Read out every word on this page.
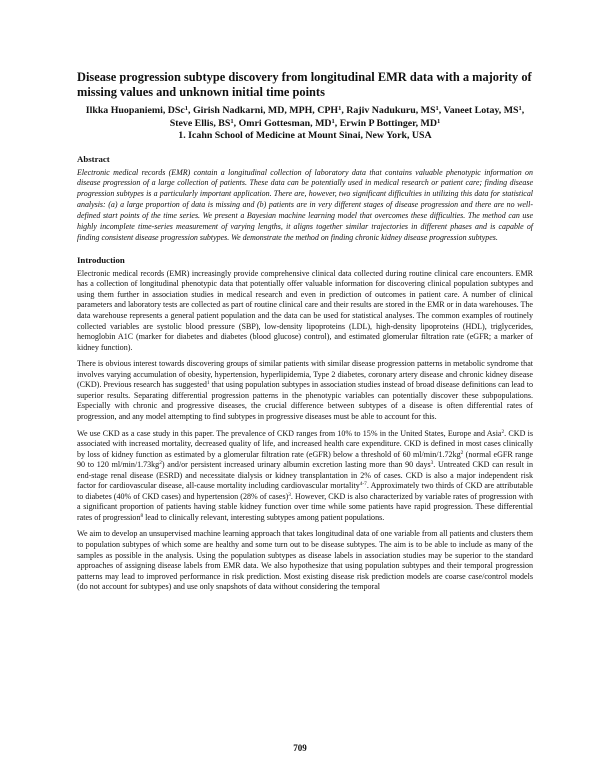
Disease progression subtype discovery from longitudinal EMR data with a majority of missing values and unknown initial time points
Ilkka Huopaniemi, DSc$^1$, Girish Nadkarni, MD, MPH, CPH$^1$, Rajiv Nadukuru, $MS^1$, Vaneet Lotay, $MS^1$, Steve Ellis, $BS^1$, Omri Gottesman, $MD^1$, Erwin P Bottinger, $MD^1$
1. Icahn School of Medicine at Mount Sinai, New York, USA
Abstract

Electronic medical records (EMR) contain a longitudinal collection of laboratory data that contains valuable phenotypic information on disease progression of a large collection of patients. These data can be potentially used in medical research or patient care; finding disease progression subtypes is a particularly important application. There are, however, two significant difficulties in utilizing this data for statistical analysis: (a) a large proportion of data is missing and (b) patients are in very different stages of disease progression and there are no well-defined start points of the time series. We present a Bayesian machine learning model that overcomes these difficulties. The method can use highly incomplete time-series measurement of varying lengths, it aligns together similar trajectories in different phases and is capable of finding consistent disease progression subtypes. We demonstrate the method on finding chronic kidney disease progression subtypes.

Introduction

Electronic medical records (EMR) increasingly provide comprehensive clinical data collected during routine clinical care encounters. EMR has a collection of longitudinal phenotypic data that potentially offer valuable information for discovering clinical population subtypes and using them further in association studies in medical research and even in prediction of outcomes in patient care. A number of clinical parameters and laboratory tests are collected as part of routine clinical care and their results are stored in the EMR or in data warehouses. The data warehouse represents a general patient population and the data can be used for statistical analyses. The common examples of routinely collected variables are systolic blood pressure (SBP), low-density lipoproteins (LDL), high-density lipoproteins (HDL), triglycerides, hemoglobin A1C (marker for diabetes and diabetes (blood glucose) control), and estimated glomerular filtration rate (eGFR; a marker of kidney function).

There is obvious interest towards discovering groups of similar patients with similar disease progression patterns in metabolic syndrome that involves varying accumulation of obesity, hypertension, hyperlipidemia, Type 2 diabetes, coronary artery disease and chronic kidney disease (CKD). Previous research has suggested$^1$ that using population subtypes in association studies instead of broad disease definitions can lead to superior results. Separating differential progression patterns in the phenotypic variables can potentially discover these subpopulations. Especially with chronic and progressive diseases, the crucial difference between subtypes of a disease is often differential rates of progression, and any model attempting to find subtypes in progressive diseases must be able to account for this.

We use CKD as a case study in this paper. The prevalence of CKD ranges from 10% to 15% in the United States, Europe and Asia$^2$. CKD is associated with increased mortality, decreased quality of life, and increased health care expenditure. CKD is defined in most cases clinically by loss of kidney function as estimated by a glomerular filtration rate (eGFR) below a threshold of 60 $ml/\min/1.72kg^2$ (normal eGFR range 90 to 120 $ml/\min/1.73kg^2$) and/or persistent increased urinary albumin excretion lasting more than 90 days$^3$. Untreated CKD can result in end-stage renal disease (ESRD) and necessitate dialysis or kidney transplantation in 2% of cases. CKD is also a major independent risk factor for cardiovascular disease, all-cause mortality including cardiovascular mortality$^{4-7}$. Approximately two thirds of CKD are attributable to diabetes (40% of CKD cases) and hypertension (28% of cases)$^3$. However, CKD is also characterized by variable rates of progression with a significant proportion of patients having stable kidney function over time while some patients have rapid progression. These differential rates of progression$^8$ lead to clinically relevant, interesting subtypes among patient populations.

We aim to develop an unsupervised machine learning approach that takes longitudinal data of one variable from all patients and clusters them to population subtypes of which some are healthy and some turn out to be disease subtypes. The aim is to be able to include as many of the samples as possible in the analysis. Using the population subtypes as disease labels in association studies may be superior to the standard approaches of assigning disease labels from EMR data. We also hypothesize that using population subtypes and their temporal progression patterns may lead to improved performance in risk prediction. Most existing disease risk prediction models are coarse case/control models (do not account for subtypes) and use only snapshots of data without considering the temporal

709
